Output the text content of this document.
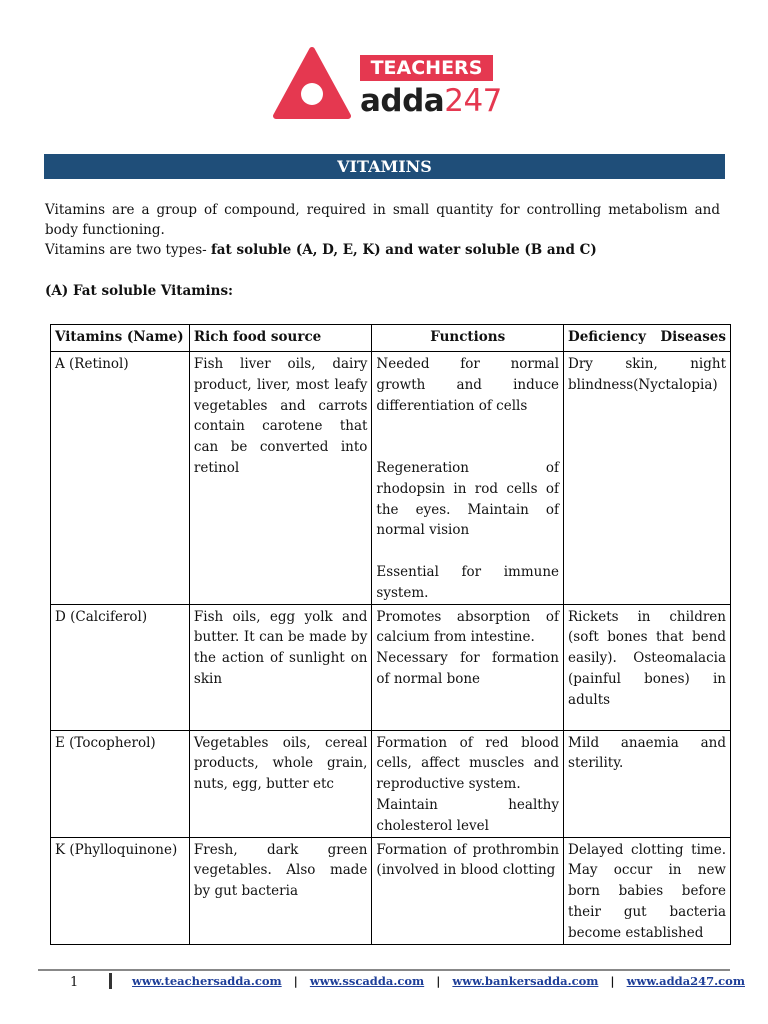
TEACHERS
adda247
VITAMINS

Vitamins are a group of compound, required in small quantity for controlling metabolism and body functioning.

Vitamins are two types- fat soluble (A, D, E, K) and water soluble (B and C)

(A) Fat soluble Vitamins:
Vitamins (Name)	Rich food source	Functions	Deficiency Diseases

A (Retinol)	Fish liver oils, dairy product, liver, most leafy vegetables and carrots contain carotene that can be converted into retinol	Needed for normal growth and induce differentiation of cells
Regeneration of rhodopsin in rod cells of the eyes. Maintain of normal vision
Essential for immune system.	Dry skin, night blindness(Nyctalopia)
D (Calciferol)	Fish oils, egg yolk and butter. It can be made by the action of sunlight on skin	Promotes absorption of calcium from intestine.
Necessary for formation of normal bone	Rickets in children (soft bones that bend easily). Osteomalacia (painful bones) in adults
E (Tocopherol)	Vegetables oils, cereal products, whole grain, nuts, egg, butter etc	Formation of red blood cells, affect muscles and reproductive system.
Maintain healthy cholesterol level	Mild anaemia and sterility.
K (Phylloquinone)	Fresh, dark green vegetables. Also made by gut bacteria	Formation of prothrombin (involved in blood clotting	Delayed clotting time. May occur in new born babies before their gut bacteria become established
1	www.teachersadda.com | www.sscadda.com | www.bankersadda.com | www.adda247.com
